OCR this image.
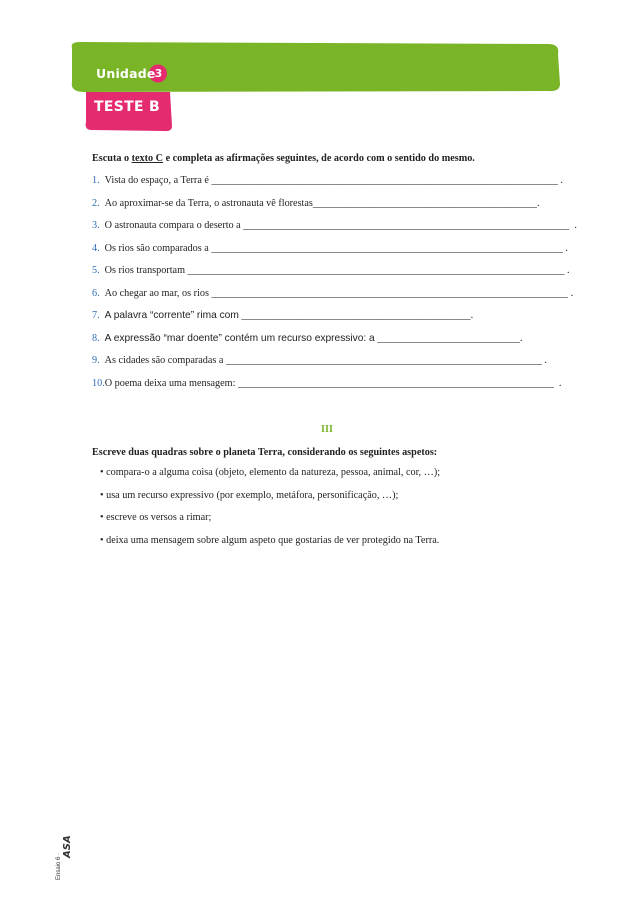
Unidade 3
TESTE B

Escuta o texto C e completa as afirmações seguintes, de acordo com o sentido do mesmo.

1. Vista do espaço, a Terra é ____________________________________________________________________ .
2. Ao aproximar-se da Terra, o astronauta vê florestas ____________________________________________.
3. O astronauta compara o deserto a ________________________________________________________________  .
4. Os rios são comparados a _____________________________________________________________________ .
5. Os rios transportam __________________________________________________________________________ .
6. Ao chegar ao mar, os rios ______________________________________________________________________ .
7. A palavra “corrente” rima com _____________________________________________.
8. A expressão “mar doente” contém um recurso expressivo: a ____________________________.
9. As cidades são comparadas a ______________________________________________________________ .
10. O poema deixa uma mensagem: ______________________________________________________________  .
III

Escreve duas quadras sobre o planeta Terra, considerando os seguintes aspetos:

• compara-o a alguma coisa (objeto, elemento da natureza, pessoa, animal, cor, …);
• usa um recurso expressivo (por exemplo, metáfora, personificação, …);
• escreve os versos a rimar;
• deixa uma mensagem sobre algum aspeto que gostarias de ver protegido na Terra.
Ensaio 6 ·
ASA
